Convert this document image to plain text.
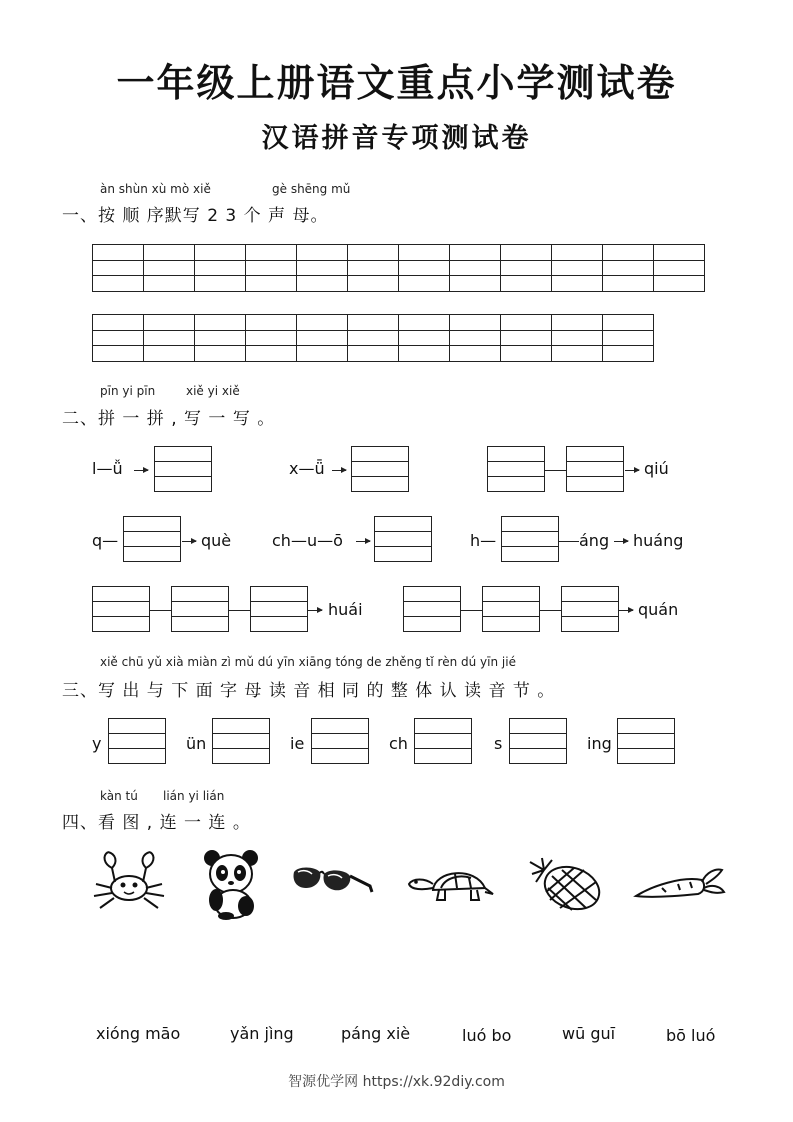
一年级上册语文重点小学测试卷
汉语拼音专项测试卷
àn shùn xù mò xiě	gè shēng mǔ
一、按 顺 序默写 2 3 个 声 母。
pīn yi pīn	xiě yi xiě
二、拼 一 拼 , 写 一 写 。
l—ǚ	x—ǖ	qiú
q—	què	ch—u—ō	h—	áng huáng
huái	quán
xiě chū yǔ xià miàn zì mǔ dú yīn xiāng tóng de zhěng tǐ rèn dú yīn jié
三、写 出 与 下 面 字 母 读 音 相 同 的 整 体 认 读 音 节 。
y	ün	ie	ch	s	ing
kàn tú lián yi lián
四、看 图 , 连 一 连 。
xióng māo	yǎn jìng	páng xiè	luó bo	wū guī	bō luó
智源优学网 https://xk.92diy.com
